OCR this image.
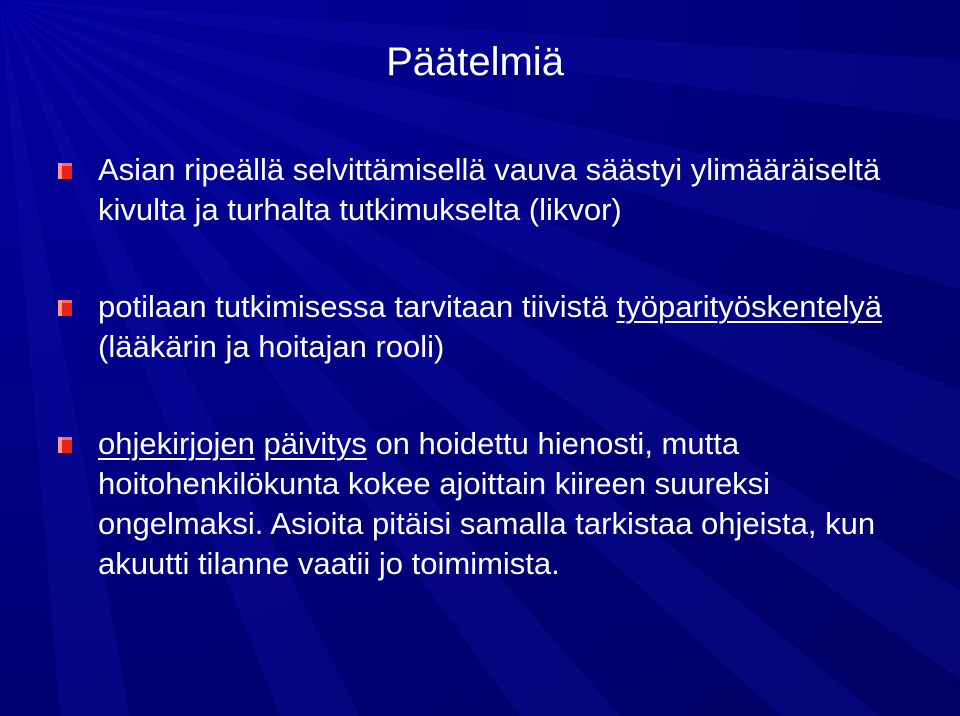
Päätelmiä
Asian ripeällä selvittämisellä vauva säästyi ylimääräiseltä kivulta ja turhalta tutkimukselta (likvor)
potilaan tutkimisessa tarvitaan tiivistä työparityöskentelyä (lääkärin ja hoitajan rooli)
ohjekirjojen päivitys on hoidettu hienosti, mutta hoitohenkilökunta kokee ajoittain kiireen suureksi ongelmaksi. Asioita pitäisi samalla tarkistaa ohjeista, kun akuutti tilanne vaatii jo toimimista.
